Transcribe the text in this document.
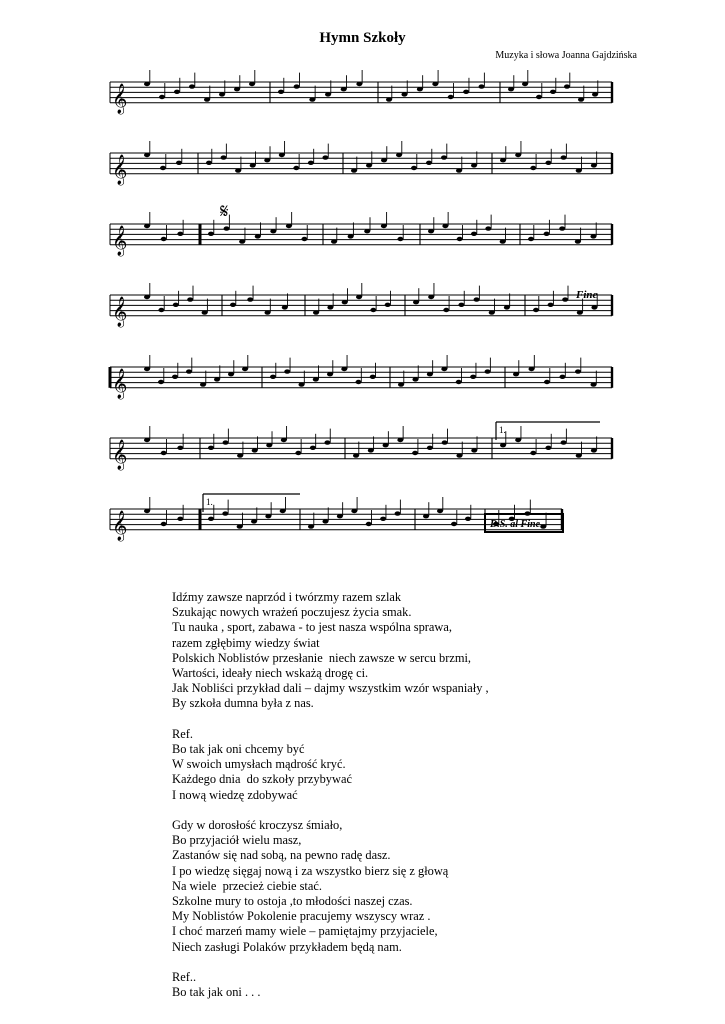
Hymn Szkoły
Muzyka i słowa Joanna Gajdzińska
𝄞
𝄞
𝄞
𝄞
𝄞
𝄞
𝄞
𝄋
Fine
1.
1.
D.S. al Fine
Idźmy zawsze naprzód i twórzmy razem szlak
Szukając nowych wrażeń poczujesz życia smak.
Tu nauka , sport, zabawa - to jest nasza wspólna sprawa,
razem zgłębimy wiedzy świat
Polskich Noblistów przesłanie  niech zawsze w sercu brzmi,
Wartości, ideały niech wskażą drogę ci.
Jak Nobliści przykład dali – dajmy wszystkim wzór wspaniały ,
By szkoła dumna była z nas.
Ref.
Bo tak jak oni chcemy być
W swoich umysłach mądrość kryć.
Każdego dnia  do szkoły przybywać
I nową wiedzę zdobywać
Gdy w dorosłość kroczysz śmiało,
Bo przyjaciół wielu masz,
Zastanów się nad sobą, na pewno radę dasz.
I po wiedzę sięgaj nową i za wszystko bierz się z głową
Na wiele  przecież ciebie stać.
Szkolne mury to ostoja ,to młodości naszej czas.
My Noblistów Pokolenie pracujemy wszyscy wraz .
I choć marzeń mamy wiele – pamiętajmy przyjaciele,
Niech zasługi Polaków przykładem będą nam.
Ref..
Bo tak jak oni . . .
